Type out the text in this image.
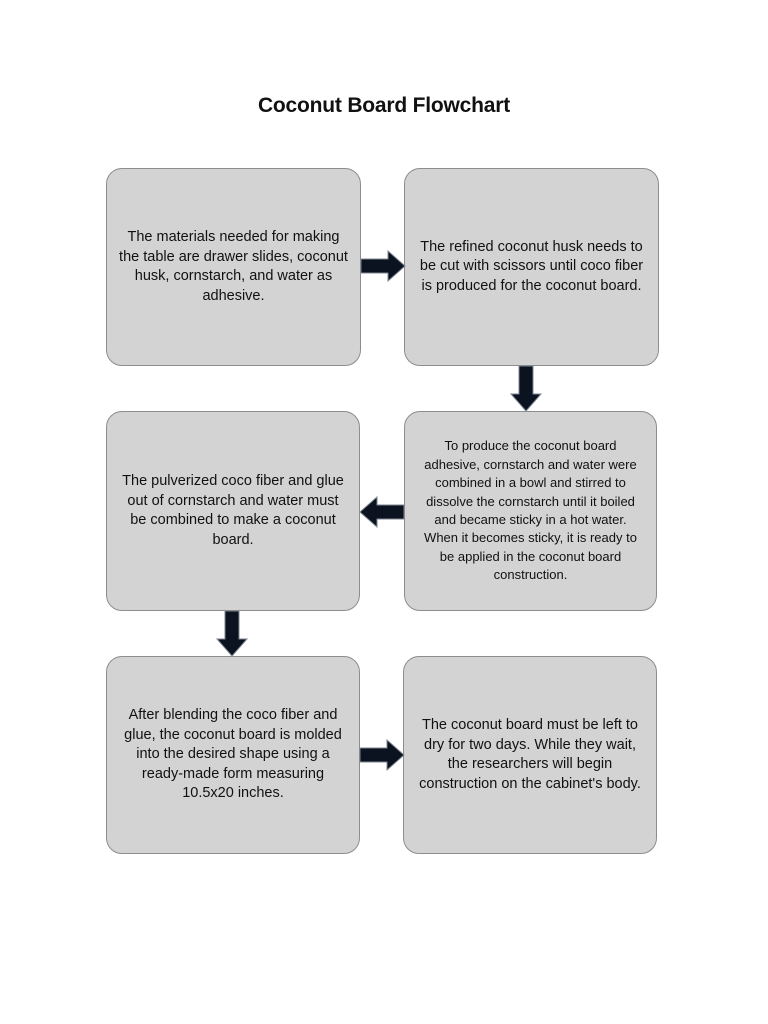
Coconut Board Flowchart
The materials needed for making the table are drawer slides, coconut husk, cornstarch, and water as adhesive.
The refined coconut husk needs to be cut with scissors until coco fiber is produced for the coconut board.
To produce the coconut board adhesive, cornstarch and water were combined in a bowl and stirred to dissolve the cornstarch until it boiled and became sticky in a hot water. When it becomes sticky, it is ready to be applied in the coconut board construction.
The pulverized coco fiber and glue out of cornstarch and water must be combined to make a coconut board.
After blending the coco fiber and glue, the coconut board is molded into the desired shape using a ready-made form measuring 10.5x20 inches.
The coconut board must be left to dry for two days. While they wait, the researchers will begin construction on the cabinet's body.
